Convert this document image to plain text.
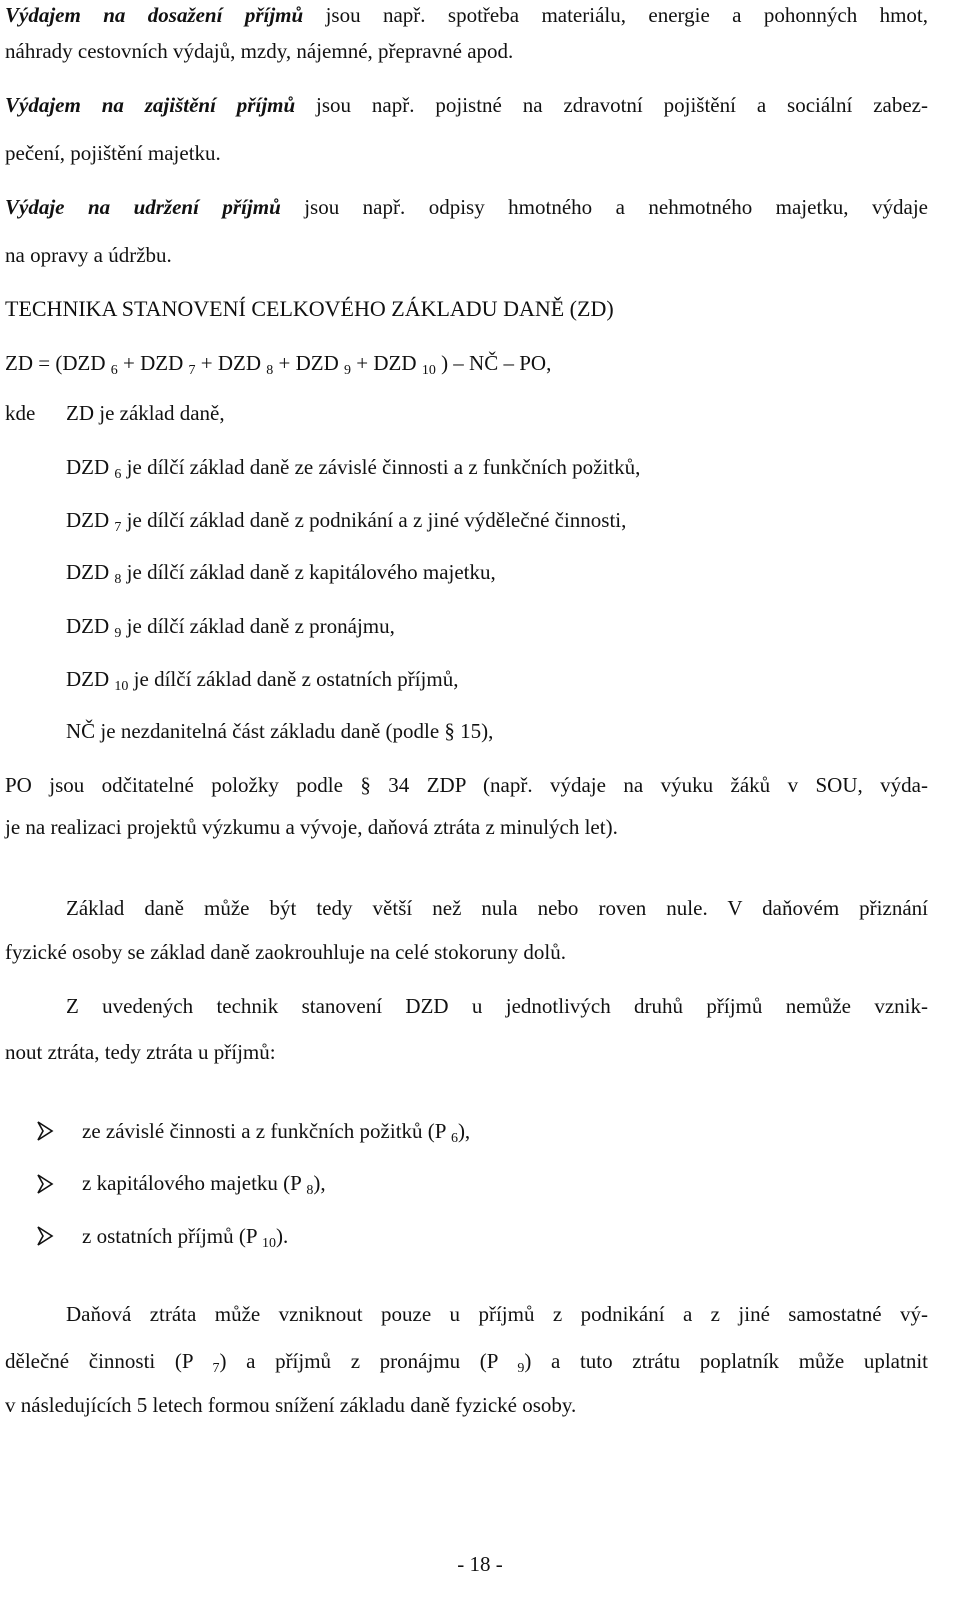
Výdajem na dosažení příjmů jsou např. spotřeba materiálu, energie a pohonných hmot,

náhrady cestovních výdajů, mzdy, nájemné, přepravné apod.

Výdajem na zajištění příjmů jsou např. pojistné na zdravotní pojištění a sociální zabez-

pečení, pojištění majetku.

Výdaje na udržení příjmů jsou např. odpisy hmotného a nehmotného majetku, výdaje

na opravy a údržbu.

TECHNIKA STANOVENÍ CELKOVÉHO ZÁKLADU DANĚ (ZD)

ZD = (DZD $_6$ + DZD $_7$ + DZD $_8$ + DZD $_9$ + DZD $_{10}$ ) – NČ – PO,

kde ZD je základ daně,

DZD $_6$ je dílčí základ daně ze závislé činnosti a z funkčních požitků,

DZD $_7$ je dílčí základ daně z podnikání a z jiné výdělečné činnosti,

DZD $_8$ je dílčí základ daně z kapitálového majetku,

DZD $_9$ je dílčí základ daně z pronájmu,

DZD $_{10}$ je dílčí základ daně z ostatních příjmů,

NČ je nezdanitelná část základu daně (podle § 15),

PO jsou odčitatelné položky podle § 34 ZDP (např. výdaje na výuku žáků v SOU, výda-

je na realizaci projektů výzkumu a vývoje, daňová ztráta z minulých let).

Základ daně může být tedy větší než nula nebo roven nule. V daňovém přiznání

fyzické osoby se základ daně zaokrouhluje na celé stokoruny dolů.

Z uvedených technik stanovení DZD u jednotlivých druhů příjmů nemůže vznik-

nout ztráta, tedy ztráta u příjmů:

ze závislé činnosti a z funkčních požitků (P $_6$),

z kapitálového majetku (P $_8$),

z ostatních příjmů (P $_{10}$).

Daňová ztráta může vzniknout pouze u příjmů z podnikání a z jiné samostatné vý-

dělečné činnosti (P $_7$) a příjmů z pronájmu (P $_9$) a tuto ztrátu poplatník může uplatnit

v následujících 5 letech formou snížení základu daně fyzické osoby.

- 18 -
